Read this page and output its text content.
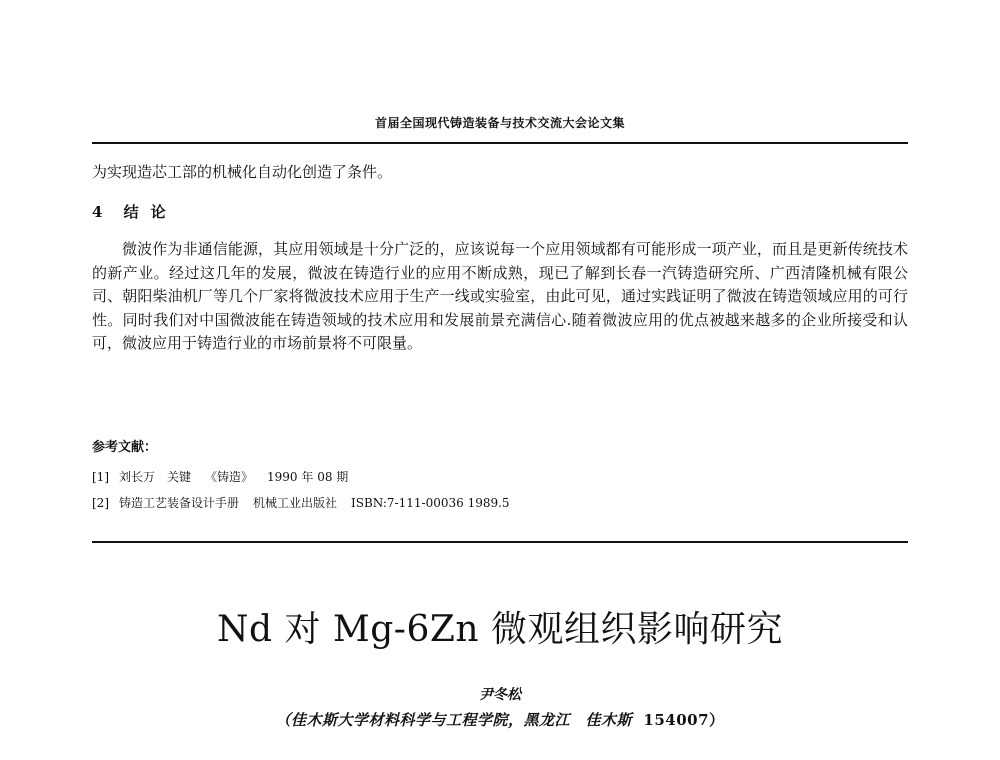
首届全国现代铸造装备与技术交流大会论文集
为实现造芯工部的机械化自动化创造了条件。
4 结论
微波作为非通信能源，其应用领域是十分广泛的，应该说每一个应用领域都有可能形成一项产业，而且是更新传统技术的新产业。经过这几年的发展，微波在铸造行业的应用不断成熟，现已了解到长春一汽铸造研究所、广西清隆机械有限公司、朝阳柴油机厂等几个厂家将微波技术应用于生产一线或实验室，由此可见，通过实践证明了微波在铸造领域应用的可行性。同时我们对中国微波能在铸造领域的技术应用和发展前景充满信心.随着微波应用的优点被越来越多的企业所接受和认可，微波应用于铸造行业的市场前景将不可限量。
参考文献：
[1] 刘长万　关键 《铸造》 1990 年 08 期
[2] 铸造工艺装备设计手册 机械工业出版社 ISBN:7-111-00036 1989.5
Nd 对 Mg-6Zn 微观组织影响研究
尹冬松
（佳木斯大学材料科学与工程学院，黑龙江　佳木斯 154007）
